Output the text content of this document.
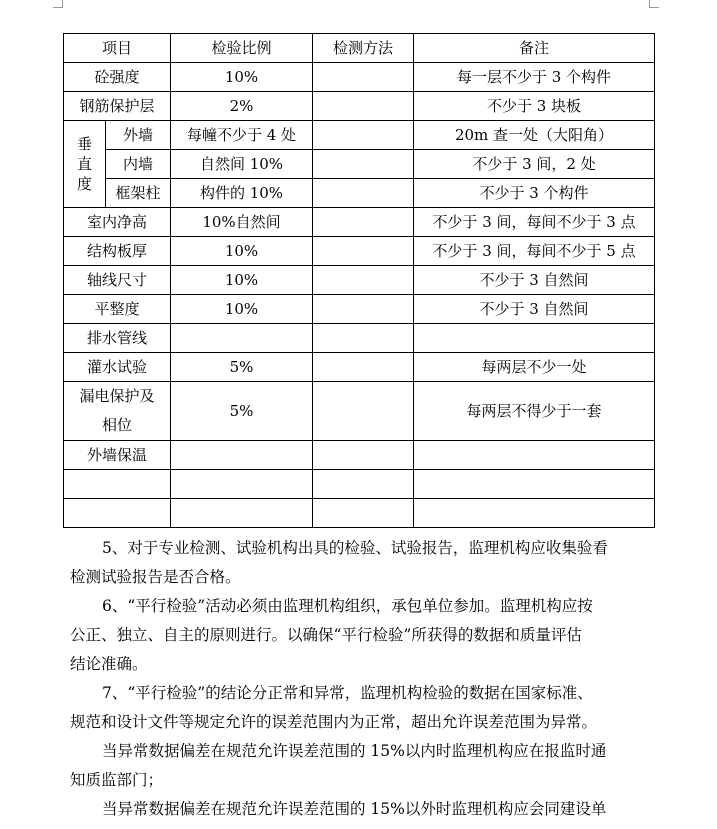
项目		检验比例	检测方法	备注
砼强度		10%		每一层不少于 3 个构件
钢筋保护层		2%		不少于 3 块板

垂
直
度	外墙	每幢不少于 4 处		20m 查一处（大阳角）
	内墙	自然间 10%		不少于 3 间，2 处
	框架柱	构件的 10%		不少于 3 个构件
室内净高		10%自然间		不少于 3 间，每间不少于 3 点
结构板厚		10%		不少于 3 间，每间不少于 5 点
轴线尺寸		10%		不少于 3 自然间
平整度		10%		不少于 3 自然间
排水管线				
灌水试验		5%		每两层不少一处

漏电保护及
相位		5%		每两层不得少于一套
外墙保温				

5、对于专业检测、试验机构出具的检验、试验报告，监理机构应收集验看
检测试验报告是否合格。

6、“平行检验”活动必须由监理机构组织，承包单位参加。监理机构应按
公正、独立、自主的原则进行。以确保“平行检验”所获得的数据和质量评估
结论准确。

7、“平行检验”的结论分正常和异常，监理机构检验的数据在国家标准、
规范和设计文件等规定允许的误差范围内为正常，超出允许误差范围为异常。

当异常数据偏差在规范允许误差范围的 15%以内时监理机构应在报监时通
知质监部门；

当异常数据偏差在规范允许误差范围的 15%以外时监理机构应会同建设单
